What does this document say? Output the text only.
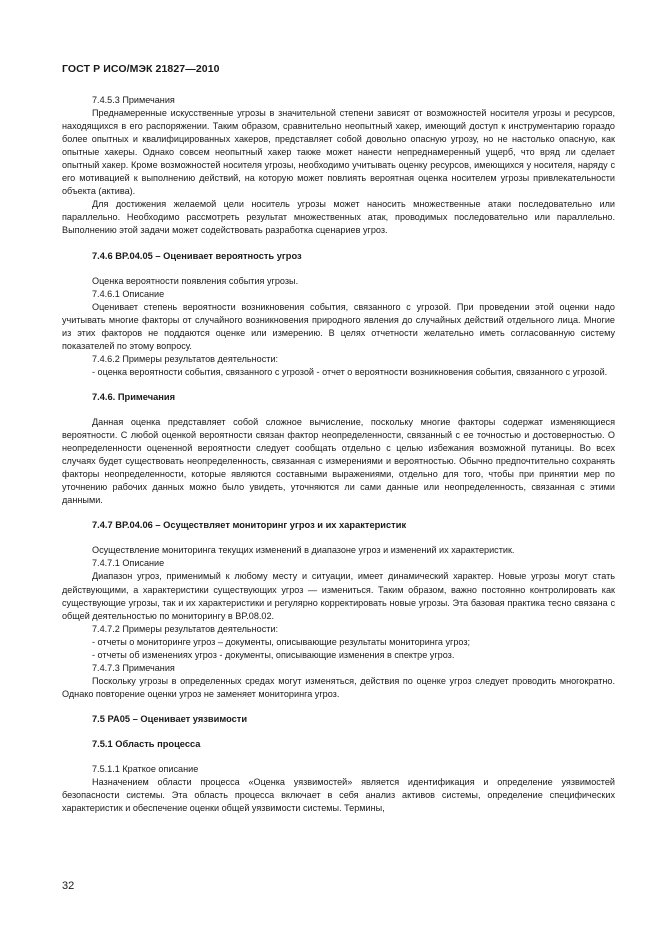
ГОСТ Р ИСО/МЭК 21827—2010

7.4.5.3 Примечания

Преднамеренные искусственные угрозы в значительной степени зависят от возможностей носителя угрозы и ресурсов, находящихся в его распоряжении. Таким образом, сравнительно неопытный хакер, имеющий доступ к инструментарию гораздо более опытных и квалифицированных хакеров, представляет собой довольно опасную угрозу, но не настолько опасную, как опытные хакеры. Однако совсем неопытный хакер также может нанести непреднамеренный ущерб, что вряд ли сделает опытный хакер. Кроме возможностей носителя угрозы, необходимо учитывать оценку ресурсов, имеющихся у носителя, наряду с его мотивацией к выполнению действий, на которую может повлиять вероятная оценка носителем угрозы привлекательности объекта (актива).

Для достижения желаемой цели носитель угрозы может наносить множественные атаки последовательно или параллельно. Необходимо рассмотреть результат множественных атак, проводимых последовательно или параллельно. Выполнению этой задачи может содействовать разработка сценариев угроз.

7.4.6 BP.04.05 – Оценивает вероятность угроз

Оценка вероятности появления события угрозы.

7.4.6.1 Описание

Оценивает степень вероятности возникновения события, связанного с угрозой. При проведении этой оценки надо учитывать многие факторы от случайного возникновения природного явления до случайных действий отдельного лица. Многие из этих факторов не поддаются оценке или измерению. В целях отчетности желательно иметь согласованную систему показателей по этому вопросу.

7.4.6.2 Примеры результатов деятельности:

- оценка вероятности события, связанного с угрозой - отчет о вероятности возникновения события, связанного с угрозой.

7.4.6. Примечания

Данная оценка представляет собой сложное вычисление, поскольку многие факторы содержат изменяющиеся вероятности. С любой оценкой вероятности связан фактор неопределенности, связанный с ее точностью и достоверностью. О неопределенности оцененной вероятности следует сообщать отдельно с целью избежания возможной путаницы. Во всех случаях будет существовать неопределенность, связанная с измерениями и вероятностью. Обычно предпочтительно сохранять факторы неопределенности, которые являются составными выражениями, отдельно для того, чтобы при принятии мер по уточнению рабочих данных можно было увидеть, уточняются ли сами данные или неопределенность, связанная с этими данными.

7.4.7 BP.04.06 – Осуществляет мониторинг угроз и их характеристик

Осуществление мониторинга текущих изменений в диапазоне угроз и изменений их характеристик.

7.4.7.1 Описание

Диапазон угроз, применимый к любому месту и ситуации, имеет динамический характер. Новые угрозы могут стать действующими, а характеристики существующих угроз — измениться. Таким образом, важно постоянно контролировать как существующие угрозы, так и их характеристики и регулярно корректировать новые угрозы. Эта базовая практика тесно связана с общей деятельностью по мониторингу в BP.08.02.

7.4.7.2 Примеры результатов деятельности:

- отчеты о мониторинге угроз – документы, описывающие результаты мониторинга угроз;

- отчеты об изменениях угроз - документы, описывающие изменения в спектре угроз.

7.4.7.3 Примечания

Поскольку угрозы в определенных средах могут изменяться, действия по оценке угроз следует проводить многократно. Однако повторение оценки угроз не заменяет мониторинга угроз.

7.5 PA05 – Оценивает уязвимости

7.5.1 Область процесса

7.5.1.1 Краткое описание

Назначением области процесса «Оценка уязвимостей» является идентификация и определение уязвимостей безопасности системы. Эта область процесса включает в себя анализ активов системы, определение специфических характеристик и обеспечение оценки общей уязвимости системы. Термины,

32
